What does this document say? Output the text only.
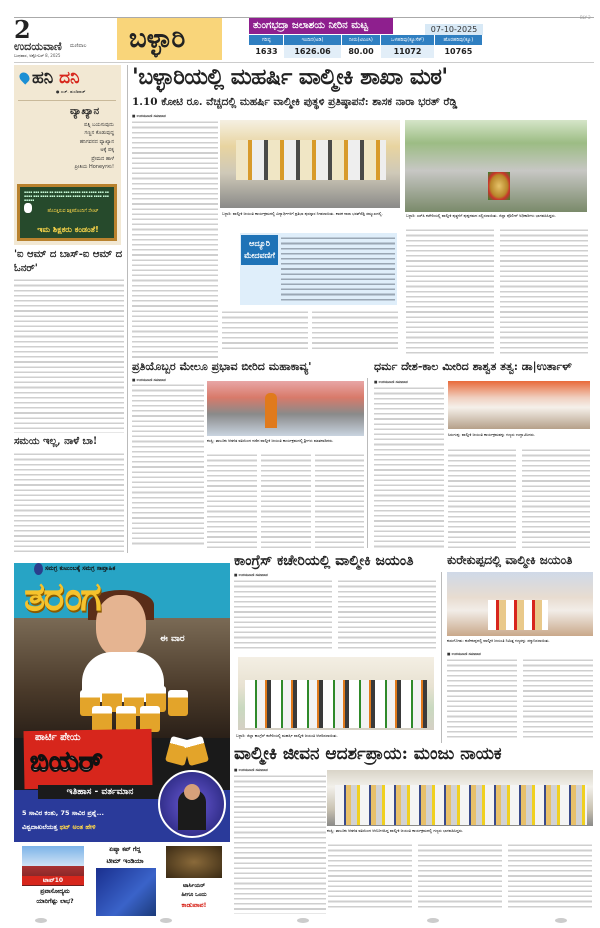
2
ಉದಯವಾಣಿ ಮಣಿಪಾಲ
ಬುಧವಾರ, ಅಕ್ಟೋಬರ್ 8, 2025
ಬಳ್ಳಾರಿ	ತುಂಗಭದ್ರಾ ಜಲಾಶಯ ನೀರಿನ ಮಟ್ಟ	07-10-2025
ಗರಿಷ್ಠ	ಇಂದಿನ(ಅಡಿ)	ನೀರು(ಟಿಎಂಸಿ)	ಒಳಹರಿವು(ಕ್ಯೂಸೆಕ್)	ಹೊರಹರಿವು(ಕ್ಯೂ)
1633	1626.06	80.00	11072	10765
BLY 2
ಹನಿ ದನಿ
● ಎಚ್. ಡುಂಡಿರಾಜ್
ವ್ಯಾಖ್ಯಾನ
ಪತ್ನಿ ಬಯಸುವುದು
ಗಣ್ಣನ ಕೊಡುವುದ್ದ
ಹನಿಗವನದ ವ್ಯಾಖ್ಯಾನ
ಅಕ್ಕೆ ಪಕ್ಕ
ಪ್ರೇಮದ ಹಾಳೆ
ಪ್ರೀತಿಯ Honeyಗಳು!
▪▪▪▪ ▪▪▪ ▪▪▪▪ ▪▪ ▪▪▪▪ ▪▪▪ ▪▪▪▪▪ ▪▪▪ ▪▪▪▪ ▪▪▪ ▪▪ ▪▪▪▪ ▪▪▪ ▪▪▪▪ ▪▪▪ ▪▪▪▪ ▪▪▪ ▪▪▪▪ ▪▪ ▪▪▪ ▪▪▪▪ ▪▪▪ ▪▪▪▪▪
ಹೊಸತ್ತಿರುವ ಶಿಕ್ಷಕರೊಂದಿಗೆ ಸೇಂಟ್
ಇಮ ಶಿಕ್ಷಕರು ಕಂಡಂತೆ!
'ಐ ಆಮ್ ದ ಬಾಸ್-ಐ ಆಮ್ ದ ಓನರ್'
ಸಮಯ ಇಲ್ಲ, ನಾಳೆ ಬಾ!
'ಬಳ್ಳಾರಿಯಲ್ಲಿ ಮಹರ್ಷಿ ವಾಲ್ಮೀಕಿ ಶಾಖಾ ಮಠ'
1.10 ಕೋಟಿ ರೂ. ವೆಚ್ಚದಲ್ಲಿ ಮಹರ್ಷಿ ವಾಲ್ಮೀಕಿ ಪುತ್ಥಳಿ ಪ್ರತಿಷ್ಠಾಪನೆ: ಶಾಸಕ ನಾರಾ ಭರತ್ ರೆಡ್ಡಿ
■ ಉದಯವಾಣಿ ಸಮಾಚಾರ
ಬಳ್ಳಾರಿ: ವಾಲ್ಮೀಕಿ ಜಯಂತಿ ಕಾರ್ಯಕ್ರಮದಲ್ಲಿ ವಿದ್ಯಾರ್ಥಿಗಳಿಗೆ ಪ್ರತಿಭಾ ಪುರಸ್ಕಾರ ನೀಡಲಾಯಿತು. ಶಾಸಕ ನಾರಾ ಭರತ್‌ರೆಡ್ಡಿ ಸಮ್ಮುಖದಲ್ಲಿ.	ಬಳ್ಳಾರಿ: ಎಸ್‌ಪಿ ಕಚೇರಿಯಲ್ಲಿ ವಾಲ್ಮೀಕಿ ಪುತ್ಥಳಿಗೆ ಪುಷ್ಪನಮನ ಸಲ್ಲಿಸಲಾಯಿತು. ಜಿಲ್ಲಾ ಪೊಲೀಸ್ ಅಧಿಕಾರಿಗಳು ಭಾಗವಹಿಸಿದ್ದರು.
ಆದ್ಯೂರಿ ಮೇದವಣಿಗೆ
ಪ್ರತಿಯೊಬ್ಬರ ಮೇಲೂ ಪ್ರಭಾವ ಬೀರಿದ ಮಹಾಕಾವ್ಯ'	ಧರ್ಮ ದೇಶ-ಕಾಲ ಮೀರಿದ ಶಾಶ್ವತ ತತ್ವ: ಡಾ|ಉರ್ತಾಳ್
■ ಉದಯವಾಣಿ ಸಮಾಚಾರ
ಕಂಪ್ಲಿ: ತಾಲೂಕು ಆಡಳಿತ ವತಿಯಿಂದ ನಡೆದ ವಾಲ್ಮೀಕಿ ಜಯಂತಿ ಕಾರ್ಯಕ್ರಮದಲ್ಲಿ ಶ್ರೀಗಳು ಮಾತನಾಡಿದರು.
■ ಉದಯವಾಣಿ ಸಮಾಚಾರ
ಸಿರುಗುಪ್ಪ: ವಾಲ್ಮೀಕಿ ಜಯಂತಿ ಕಾರ್ಯಕ್ರಮವನ್ನು ಗಣ್ಯರು ಉದ್ಘಾಟಿಸಿದರು.
ಸಮಗ್ರ ಕುಟುಂಬಕ್ಕೆ ಸಮಗ್ರ ಸಾಪ್ತಾಹಿಕ
ತರಂಗ
ಈ ವಾರ
ಪಾರ್ಟಿ ಪೇಯ
ಬಿಯರ್
ಇತಿಹಾಸ - ವರ್ತಮಾನ
5 ಸಾವಿರ ಕಂತು, 75 ಸಾವಿರ ಪ್ರಶ್ನೆ...
ವಿಶ್ವದಾಖಲೆಯತ್ತ ಥಟ್ ಅಂತ ಹೇಳಿ
ಟಾಪ್10
ಪ್ರವಾಸೋದ್ಯಮ
ಯಾರಿಗೆಷ್ಟು ಲಾಭ?
ಏಷ್ಯಾ ಕಪ್ ಗೆದ್ದ
ಟೀಮ್ ಇಂಡಿಯಾ
ಟಾರ್ಸಿಯರ್
ಹೀಗೂ ಒಂದು
ಕಾಡುಪಾಪ!
ಕಾಂಗ್ರೆಸ್ ಕಚೇರಿಯಲ್ಲಿ ವಾಲ್ಮೀಕಿ ಜಯಂತಿ	ಕುರೇಕುಪ್ಪದಲ್ಲಿ ವಾಲ್ಮೀಕಿ ಜಯಂತಿ
■ ಉದಯವಾಣಿ ಸಮಾಚಾರ
ಬಳ್ಳಾರಿ: ಜಿಲ್ಲಾ ಕಾಂಗ್ರೆಸ್ ಕಚೇರಿಯಲ್ಲಿ ಮಹರ್ಷಿ ವಾಲ್ಮೀಕಿ ಜಯಂತಿ ಆಚರಿಸಲಾಯಿತು.
ಕುರುಗೋಡು: ಕುರೇಕುಪ್ಪದಲ್ಲಿ ವಾಲ್ಮೀಕಿ ಜಯಂತಿ ನಿಮಿತ್ತ ಗಣ್ಯರನ್ನು ಸನ್ಮಾನಿಸಲಾಯಿತು.
■ ಉದಯವಾಣಿ ಸಮಾಚಾರ
ವಾಲ್ಮೀಕಿ ಜೀವನ ಆದರ್ಶಪ್ರಾಯ: ಮಂಜು ನಾಯಕ
■ ಉದಯವಾಣಿ ಸಮಾಚಾರ
ಕಂಪ್ಲಿ: ತಾಲೂಕು ಆಡಳಿತ ವತಿಯಿಂದ ಆಯೋಜಿಸಿದ್ದ ವಾಲ್ಮೀಕಿ ಜಯಂತಿ ಕಾರ್ಯಕ್ರಮದಲ್ಲಿ ಗಣ್ಯರು ಭಾಗವಹಿಸಿದ್ದರು.
